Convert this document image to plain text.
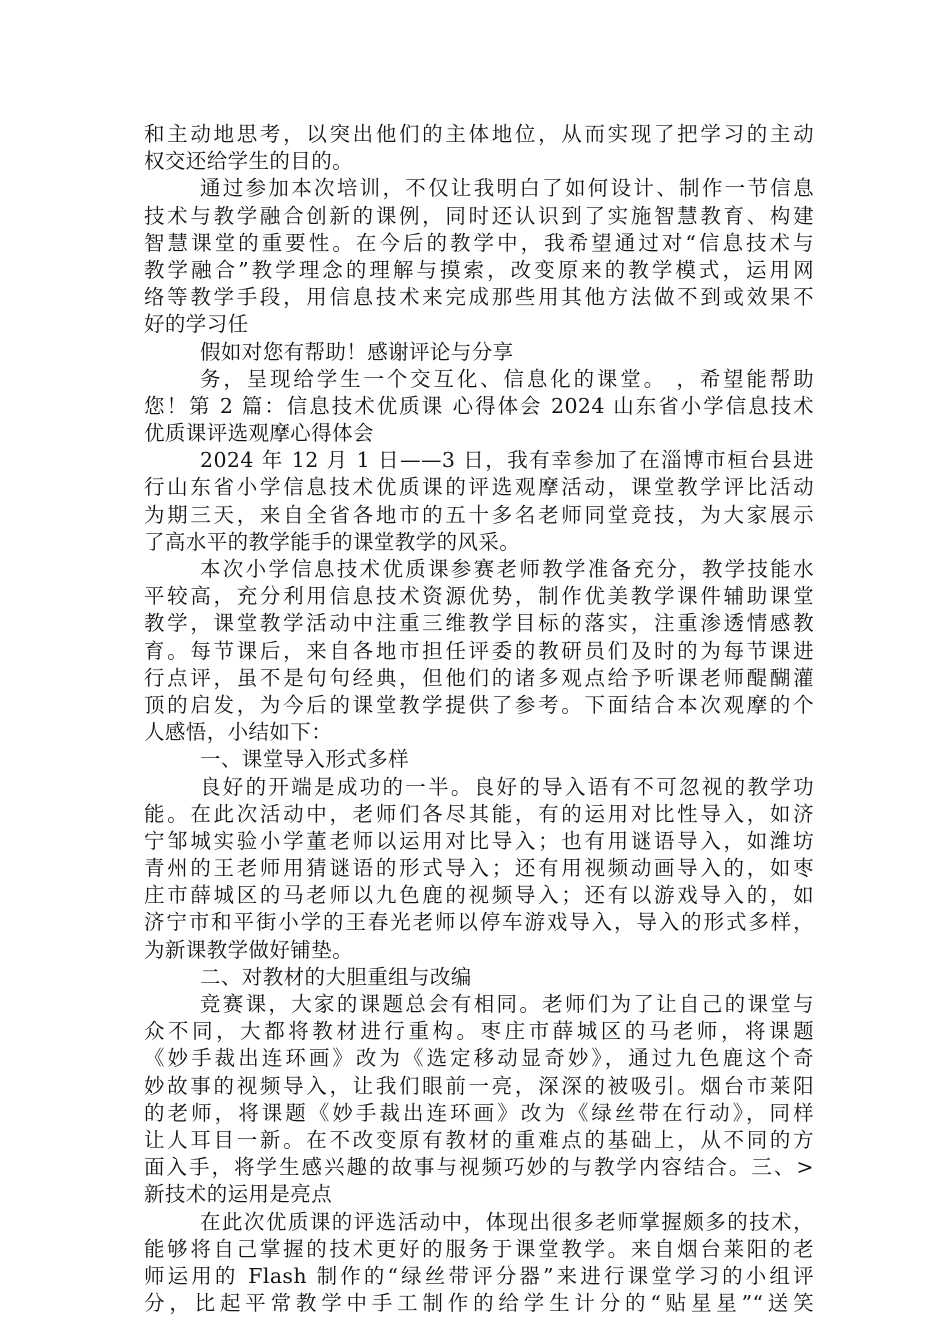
和主动地思考，以突出他们的主体地位，从而实现了把学习的主动
权交还给学生的目的。
通过参加本次培训，不仅让我明白了如何设计、制作一节信息
技术与教学融合创新的课例，同时还认识到了实施智慧教育、构建
智慧课堂的重要性。在今后的教学中，我希望通过对“信息技术与
教学融合”教学理念的理解与摸索，改变原来的教学模式，运用网
络等教学手段，用信息技术来完成那些用其他方法做不到或效果不
好的学习任
假如对您有帮助！感谢评论与分享
务，呈现给学生一个交互化、信息化的课堂。 ，希望能帮助
您！第 2 篇：信息技术优质课 心得体会 2024 山东省小学信息技术
优质课评选观摩心得体会
2024 年 12 月 1 日——3 日，我有幸参加了在淄博市桓台县进
行山东省小学信息技术优质课的评选观摩活动，课堂教学评比活动
为期三天，来自全省各地市的五十多名老师同堂竞技，为大家展示
了高水平的教学能手的课堂教学的风采。
本次小学信息技术优质课参赛老师教学准备充分，教学技能水
平较高，充分利用信息技术资源优势，制作优美教学课件辅助课堂
教学，课堂教学活动中注重三维教学目标的落实，注重渗透情感教
育。每节课后，来自各地市担任评委的教研员们及时的为每节课进
行点评，虽不是句句经典，但他们的诸多观点给予听课老师醍醐灌
顶的启发，为今后的课堂教学提供了参考。下面结合本次观摩的个
人感悟，小结如下：
一、课堂导入形式多样
良好的开端是成功的一半。良好的导入语有不可忽视的教学功
能。在此次活动中，老师们各尽其能，有的运用对比性导入，如济
宁邹城实验小学董老师以运用对比导入；也有用谜语导入，如潍坊
青州的王老师用猜谜语的形式导入；还有用视频动画导入的，如枣
庄市薛城区的马老师以九色鹿的视频导入；还有以游戏导入的，如
济宁市和平街小学的王春光老师以停车游戏导入，导入的形式多样，
为新课教学做好铺垫。
二、对教材的大胆重组与改编
竞赛课，大家的课题总会有相同。老师们为了让自己的课堂与
众不同，大都将教材进行重构。枣庄市薛城区的马老师，将课题
《妙手裁出连环画》改为《选定移动显奇妙》，通过九色鹿这个奇
妙故事的视频导入，让我们眼前一亮，深深的被吸引。烟台市莱阳
的老师，将课题《妙手裁出连环画》改为《绿丝带在行动》，同样
让人耳目一新。在不改变原有教材的重难点的基础上，从不同的方
面入手，将学生感兴趣的故事与视频巧妙的与教学内容结合。三、>
新技术的运用是亮点
在此次优质课的评选活动中，体现出很多老师掌握颇多的技术，
能够将自己掌握的技术更好的服务于课堂教学。来自烟台莱阳的老
师运用的 Flash 制作的“绿丝带评分器”来进行课堂学习的小组评
分，比起平常教学中手工制作的给学生计分的“贴星星”“送笑
